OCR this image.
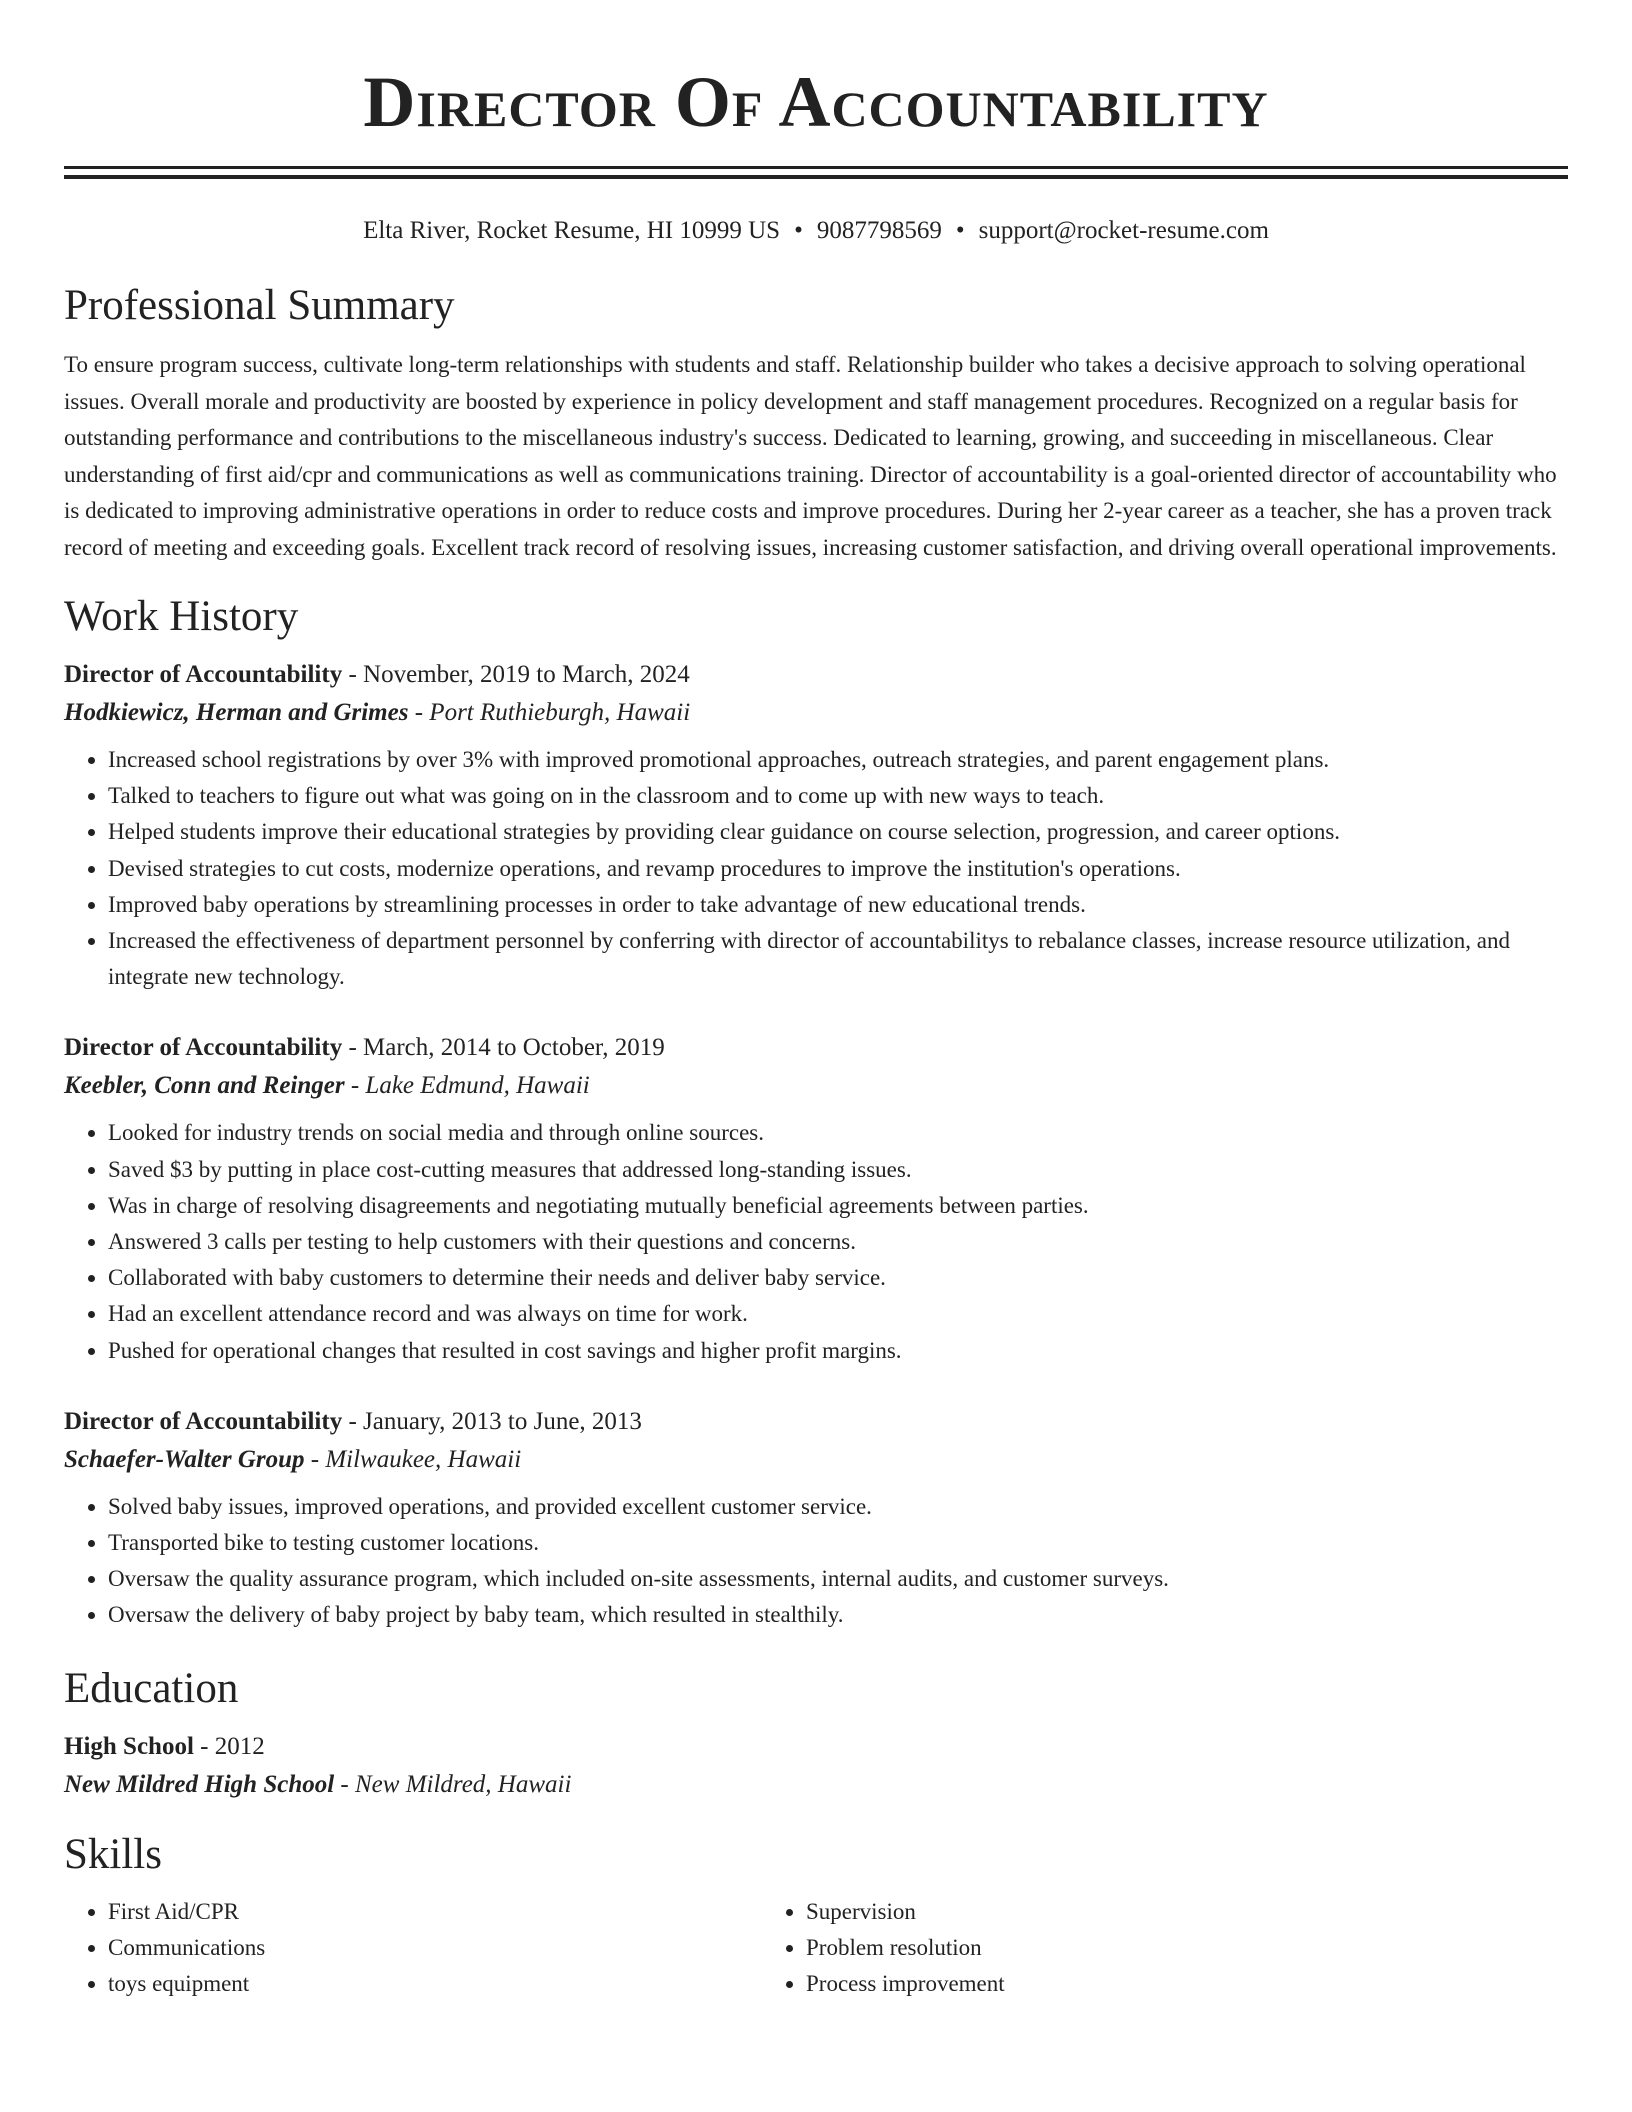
Director Of Accountability
Elta River, Rocket Resume, HI 10999 US • 9087798569 • support@rocket-resume.com
Professional Summary

To ensure program success, cultivate long-term relationships with students and staff. Relationship builder who takes a decisive approach to solving operational issues. Overall morale and productivity are boosted by experience in policy development and staff management procedures. Recognized on a regular basis for outstanding performance and contributions to the miscellaneous industry's success. Dedicated to learning, growing, and succeeding in miscellaneous. Clear understanding of first aid/cpr and communications as well as communications training. Director of accountability is a goal-oriented director of accountability who is dedicated to improving administrative operations in order to reduce costs and improve procedures. During her 2-year career as a teacher, she has a proven track record of meeting and exceeding goals. Excellent track record of resolving issues, increasing customer satisfaction, and driving overall operational improvements.

Work History
Director of Accountability - November, 2019 to March, 2024
Hodkiewicz, Herman and Grimes - Port Ruthieburgh, Hawaii
• Increased school registrations by over 3% with improved promotional approaches, outreach strategies, and parent engagement plans.
• Talked to teachers to figure out what was going on in the classroom and to come up with new ways to teach.
• Helped students improve their educational strategies by providing clear guidance on course selection, progression, and career options.
• Devised strategies to cut costs, modernize operations, and revamp procedures to improve the institution's operations.
• Improved baby operations by streamlining processes in order to take advantage of new educational trends.
• Increased the effectiveness of department personnel by conferring with director of accountabilitys to rebalance classes, increase resource utilization, and integrate new technology.
Director of Accountability - March, 2014 to October, 2019
Keebler, Conn and Reinger - Lake Edmund, Hawaii
• Looked for industry trends on social media and through online sources.
• Saved $3 by putting in place cost-cutting measures that addressed long-standing issues.
• Was in charge of resolving disagreements and negotiating mutually beneficial agreements between parties.
• Answered 3 calls per testing to help customers with their questions and concerns.
• Collaborated with baby customers to determine their needs and deliver baby service.
• Had an excellent attendance record and was always on time for work.
• Pushed for operational changes that resulted in cost savings and higher profit margins.
Director of Accountability - January, 2013 to June, 2013
Schaefer-Walter Group - Milwaukee, Hawaii
• Solved baby issues, improved operations, and provided excellent customer service.
• Transported bike to testing customer locations.
• Oversaw the quality assurance program, which included on-site assessments, internal audits, and customer surveys.
• Oversaw the delivery of baby project by baby team, which resulted in stealthily.
Education
High School - 2012
New Mildred High School - New Mildred, Hawaii
Skills
• First Aid/CPR
• Communications
• toys equipment
• Supervision
• Problem resolution
• Process improvement
